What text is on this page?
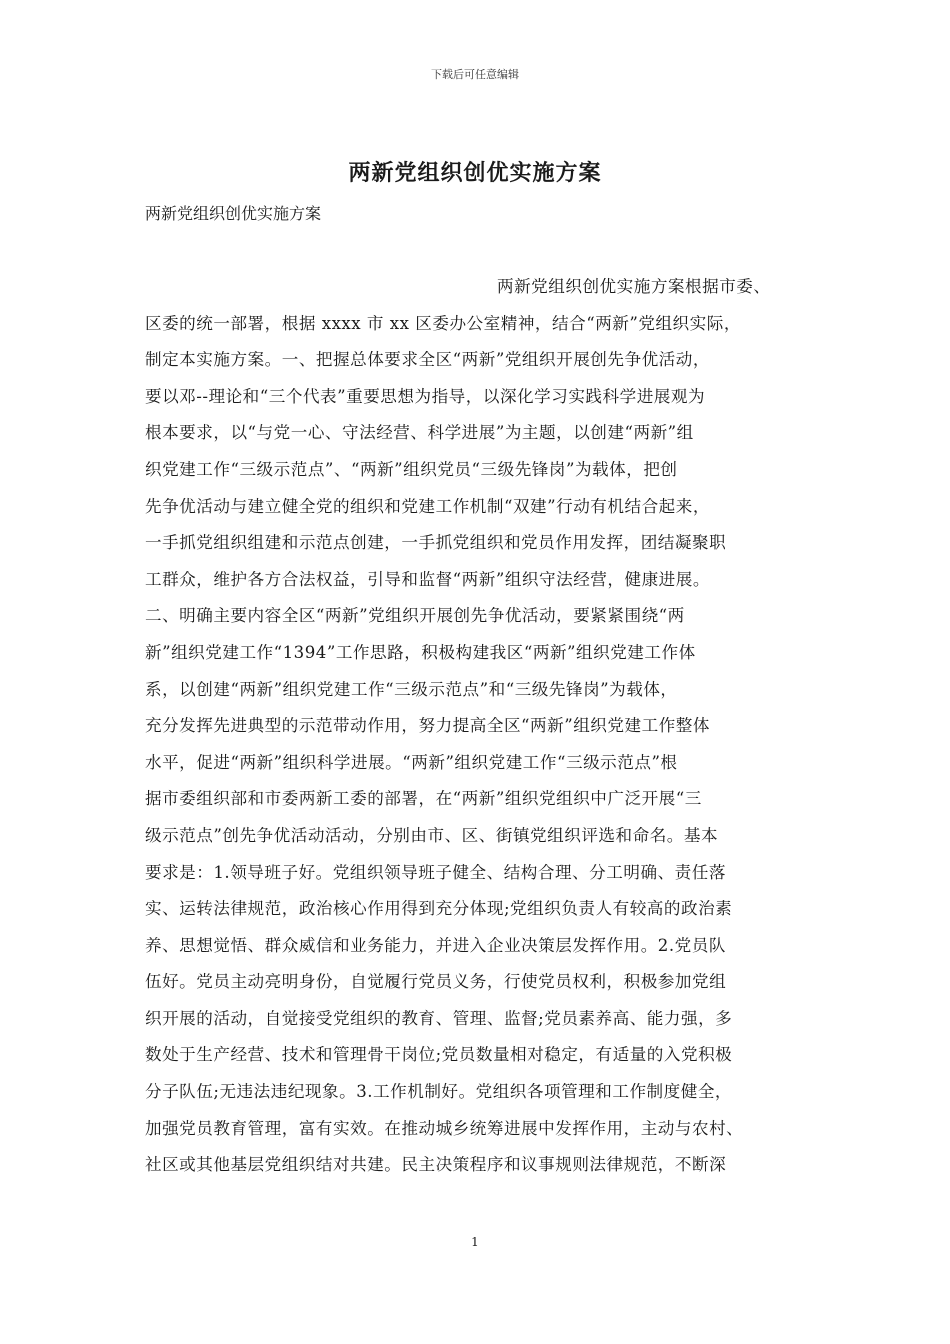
下载后可任意编辑
两新党组织创优实施方案
两新党组织创优实施方案
两新党组织创优实施方案根据市委、
区委的统一部署，根据 xxxx 市 xx 区委办公室精神，结合“两新”党组织实际，
制定本实施方案。一、把握总体要求全区“两新”党组织开展创先争优活动，
要以邓--理论和“三个代表”重要思想为指导，以深化学习实践科学进展观为
根本要求，以“与党一心、守法经营、科学进展”为主题，以创建“两新”组
织党建工作“三级示范点”、“两新”组织党员“三级先锋岗”为载体，把创
先争优活动与建立健全党的组织和党建工作机制“双建”行动有机结合起来，
一手抓党组织组建和示范点创建，一手抓党组织和党员作用发挥，团结凝聚职
工群众，维护各方合法权益，引导和监督“两新”组织守法经营，健康进展。
二、明确主要内容全区“两新”党组织开展创先争优活动，要紧紧围绕“两
新”组织党建工作“1394”工作思路，积极构建我区“两新”组织党建工作体
系，以创建“两新”组织党建工作“三级示范点”和“三级先锋岗”为载体，
充分发挥先进典型的示范带动作用，努力提高全区“两新”组织党建工作整体
水平，促进“两新”组织科学进展。“两新”组织党建工作“三级示范点”根
据市委组织部和市委两新工委的部署，在“两新”组织党组织中广泛开展“三
级示范点”创先争优活动活动，分别由市、区、街镇党组织评选和命名。基本
要求是：1.领导班子好。党组织领导班子健全、结构合理、分工明确、责任落
实、运转法律规范，政治核心作用得到充分体现;党组织负责人有较高的政治素
养、思想觉悟、群众威信和业务能力，并进入企业决策层发挥作用。2.党员队
伍好。党员主动亮明身份，自觉履行党员义务，行使党员权利，积极参加党组
织开展的活动，自觉接受党组织的教育、管理、监督;党员素养高、能力强，多
数处于生产经营、技术和管理骨干岗位;党员数量相对稳定，有适量的入党积极
分子队伍;无违法违纪现象。3.工作机制好。党组织各项管理和工作制度健全，
加强党员教育管理，富有实效。在推动城乡统筹进展中发挥作用，主动与农村、
社区或其他基层党组织结对共建。民主决策程序和议事规则法律规范，不断深
1
